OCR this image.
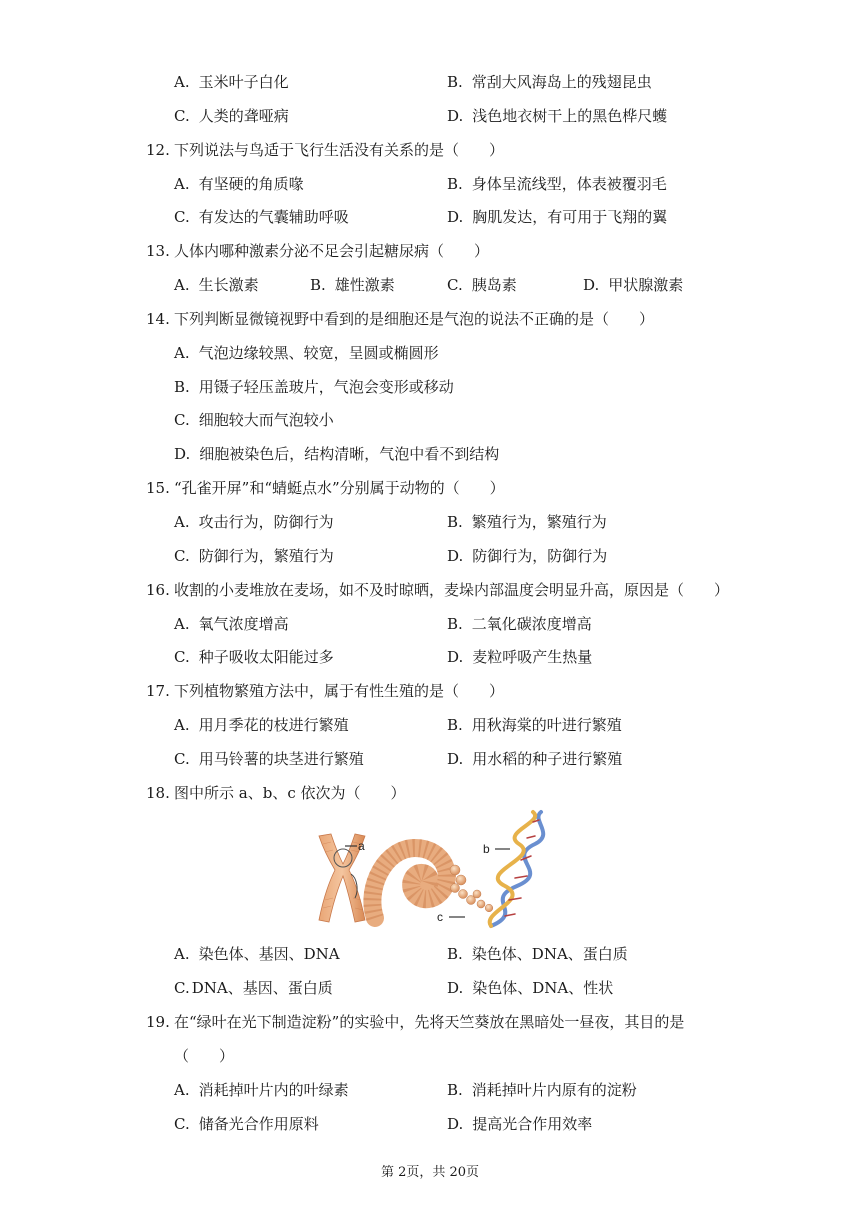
A. 玉米叶子白化	B. 常刮大风海岛上的残翅昆虫
C. 人类的聋哑病	D. 浅色地衣树干上的黑色桦尺蠖
12. 下列说法与鸟适于飞行生活没有关系的是（　　）
A. 有坚硬的角质喙	B. 身体呈流线型，体表被覆羽毛
C. 有发达的气囊辅助呼吸	D. 胸肌发达，有可用于飞翔的翼
13. 人体内哪种激素分泌不足会引起糖尿病（　　）
A. 生长激素	B. 雄性激素	C. 胰岛素	D. 甲状腺激素
14. 下列判断显微镜视野中看到的是细胞还是气泡的说法不正确的是（　　）
A. 气泡边缘较黑、较宽，呈圆或椭圆形
B. 用镊子轻压盖玻片，气泡会变形或移动
C. 细胞较大而气泡较小
D. 细胞被染色后，结构清晰，气泡中看不到结构
15. “孔雀开屏”和“蜻蜓点水”分别属于动物的（　　）
A. 攻击行为，防御行为	B. 繁殖行为，繁殖行为
C. 防御行为，繁殖行为	D. 防御行为，防御行为
16. 收割的小麦堆放在麦场，如不及时晾晒，麦垛内部温度会明显升高，原因是（　　）
A. 氧气浓度增高	B. 二氧化碳浓度增高
C. 种子吸收太阳能过多	D. 麦粒呼吸产生热量
17. 下列植物繁殖方法中，属于有性生殖的是（　　）
A. 用月季花的枝进行繁殖	B. 用秋海棠的叶进行繁殖
C. 用马铃薯的块茎进行繁殖	D. 用水稻的种子进行繁殖
18. 图中所示 a、b、c 依次为（　　）
a	b
c
A. 染色体、基因、DNA	B. 染色体、DNA、蛋白质
C. DNA、基因、蛋白质	D. 染色体、DNA、性状
19. 在“绿叶在光下制造淀粉”的实验中，先将天竺葵放在黑暗处一昼夜，其目的是
（　　）
A. 消耗掉叶片内的叶绿素	B. 消耗掉叶片内原有的淀粉
C. 储备光合作用原料	D. 提高光合作用效率
第 2页，共 20页
